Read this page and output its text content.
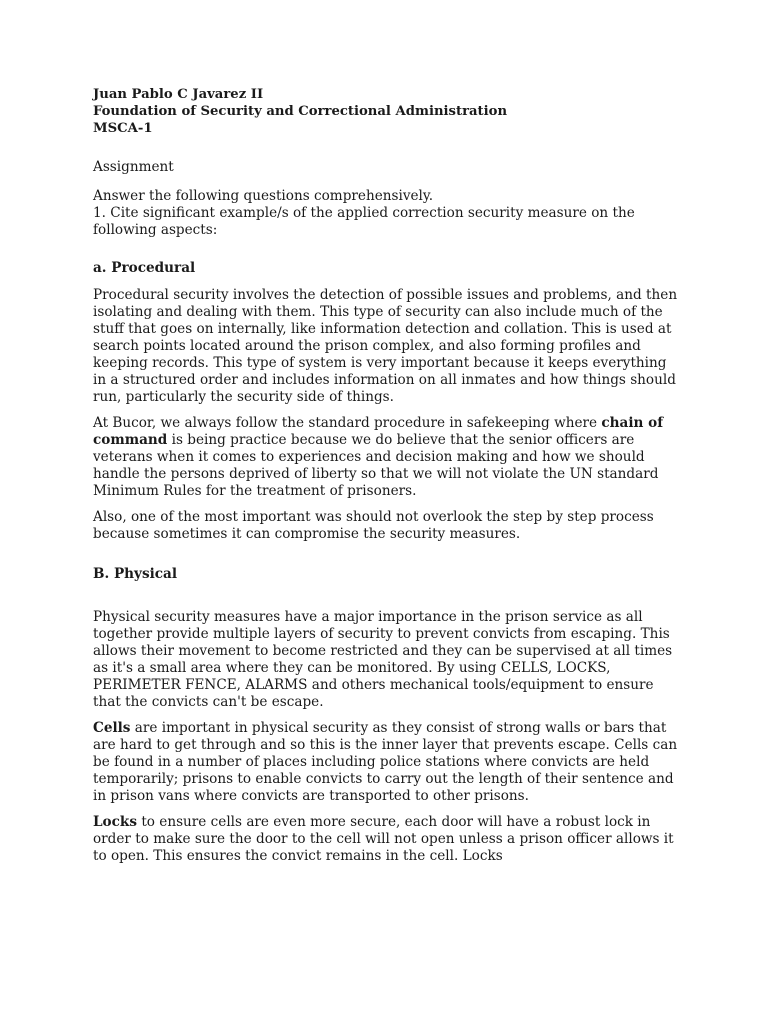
Juan Pablo C Javarez II
Foundation of Security and Correctional Administration
MSCA-1
Assignment
Answer the following questions comprehensively.
1. Cite significant example/s of the applied correction security measure on the following aspects:
a. Procedural

Procedural security involves the detection of possible issues and problems, and then isolating and dealing with them. This type of security can also include much of the stuff that goes on internally, like information detection and collation. This is used at search points located around the prison complex, and also forming profiles and keeping records. This type of system is very important because it keeps everything in a structured order and includes information on all inmates and how things should run, particularly the security side of things.

At Bucor, we always follow the standard procedure in safekeeping where chain of command is being practice because we do believe that the senior officers are veterans when it comes to experiences and decision making and how we should handle the persons deprived of liberty so that we will not violate the UN standard Minimum Rules for the treatment of prisoners.

Also, one of the most important was should not overlook the step by step process because sometimes it can compromise the security measures.

B. Physical

Physical security measures have a major importance in the prison service as all together provide multiple layers of security to prevent convicts from escaping. This allows their movement to become restricted and they can be supervised at all times as it's a small area where they can be monitored. By using CELLS, LOCKS, PERIMETER FENCE, ALARMS and others mechanical tools/equipment to ensure that the convicts can't be escape.

Cells are important in physical security as they consist of strong walls or bars that are hard to get through and so this is the inner layer that prevents escape. Cells can be found in a number of places including police stations where convicts are held temporarily; prisons to enable convicts to carry out the length of their sentence and in prison vans where convicts are transported to other prisons.

Locks to ensure cells are even more secure, each door will have a robust lock in order to make sure the door to the cell will not open unless a prison officer allows it to open. This ensures the convict remains in the cell. Locks
